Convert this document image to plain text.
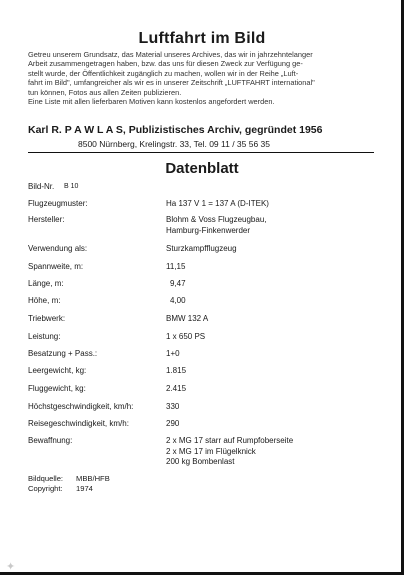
Luftfahrt im Bild
Getreu unserem Grundsatz, das Material unseres Archives, das wir in jahrzehntelanger
Arbeit zusammengetragen haben, bzw. das uns für diesen Zweck zur Verfügung ge-
stellt wurde, der Öffentlichkeit zugänglich zu machen, wollen wir in der Reihe „Luft-
fahrt im Bild", umfangreicher als wir es in unserer Zeitschrift „LUFTFAHRT international"
tun können, Fotos aus allen Zeiten publizieren.
Eine Liste mit allen lieferbaren Motiven kann kostenlos angefordert werden.
Karl R. P A W L A S, Publizistisches Archiv, gegründet 1956
8500 Nürnberg, Krelingstr. 33, Tel. 09 11 / 35 56 35
Datenblatt
Bild-Nr. B 10
Flugzeugmuster:	Ha 137 V 1 = 137 A (D-ITEK)
Hersteller:	Blohm & Voss Flugzeugbau,
Hamburg-Finkenwerder
Verwendung als:	Sturzkampfflugzeug
Spannweite, m:	11,15
Länge, m:	9,47
Höhe, m:	4,00
Triebwerk:	BMW 132 A
Leistung:	1 x 650 PS
Besatzung + Pass.:	1+0
Leergewicht, kg:	1.815
Fluggewicht, kg:	2.415
Höchstgeschwindigkeit, km/h:	330
Reisegeschwindigkeit, km/h:	290
Bewaffnung:	2 x MG 17 starr auf Rumpfoberseite
2 x MG 17 im Flügelknick
200 kg Bombenlast
Bildquelle: MBB/HFB
Copyright: 1974
✦
